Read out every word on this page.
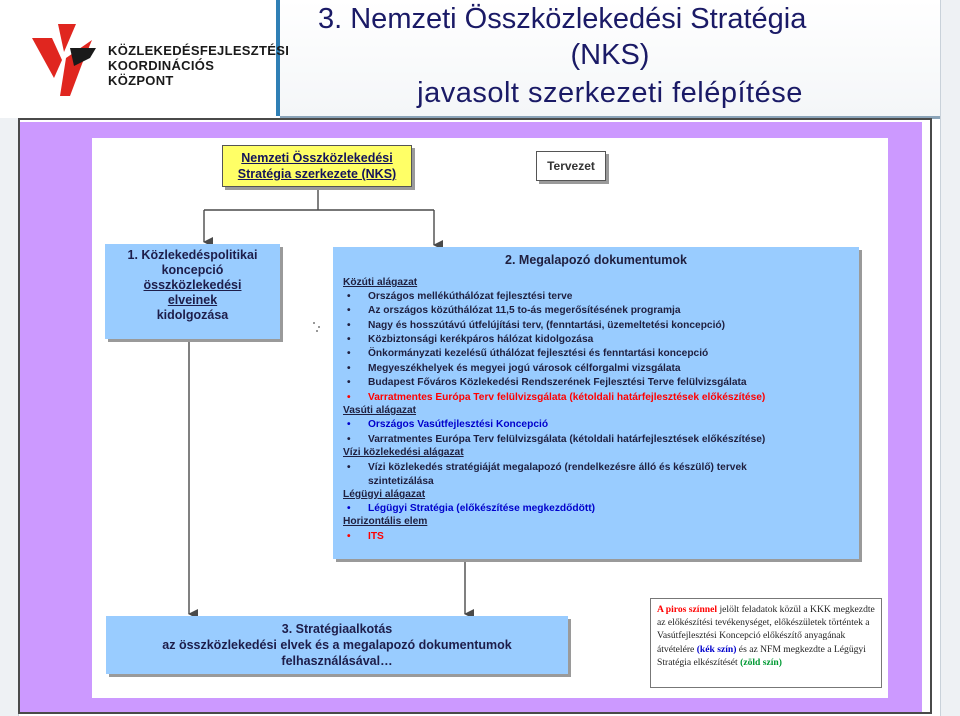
3. Nemzeti Összközlekedési Stratégia
(NKS)
javasolt szerkezeti felépítése
KÖZLEKEDÉSFEJLESZTÉSI
KOORDINÁCIÓS
KÖZPONT
Nemzeti Összközlekedési
Stratégia szerkezete (NKS)
Tervezet
1. Közlekedéspolitikai
koncepció
összközlekedési
elveinek
kidolgozása
2. Megalapozó dokumentumok
Közúti alágazat
• Országos mellékúthálózat fejlesztési terve
• Az országos közúthálózat 11,5 to-ás megerősítésének programja
• Nagy és hosszútávú útfelújítási terv, (fenntartási, üzemeltetési koncepció)
• Közbiztonsági kerékpáros hálózat kidolgozása
• Önkormányzati kezelésű úthálózat fejlesztési és fenntartási koncepció
• Megyeszékhelyek és megyei jogú városok célforgalmi vizsgálata
• Budapest Főváros Közlekedési Rendszerének Fejlesztési Terve felülvizsgálata
• Varratmentes Európa Terv felülvizsgálata (kétoldali határfejlesztések előkészítése)
Vasúti alágazat
• Országos Vasútfejlesztési Koncepció
• Varratmentes Európa Terv felülvizsgálata (kétoldali határfejlesztések előkészítése)
Vízi közlekedési alágazat
• Vízi közlekedés stratégiáját megalapozó (rendelkezésre álló és készülő) tervek
szintetizálása
Légügyi alágazat
• Légügyi Stratégia (előkészítése megkezdődött)
Horizontális elem
• ITS
3. Stratégiaalkotás
az összközlekedési elvek és a megalapozó dokumentumok
felhasználásával…
A piros színnel jelölt feladatok közül a KKK megkezdte az előkészítési tevékenységet, előkészületek történtek a Vasútfejlesztési Koncepció előkészítő anyagának átvételére (kék szín) és az NFM megkezdte a Légügyi Stratégia elkészítését (zöld szín)
